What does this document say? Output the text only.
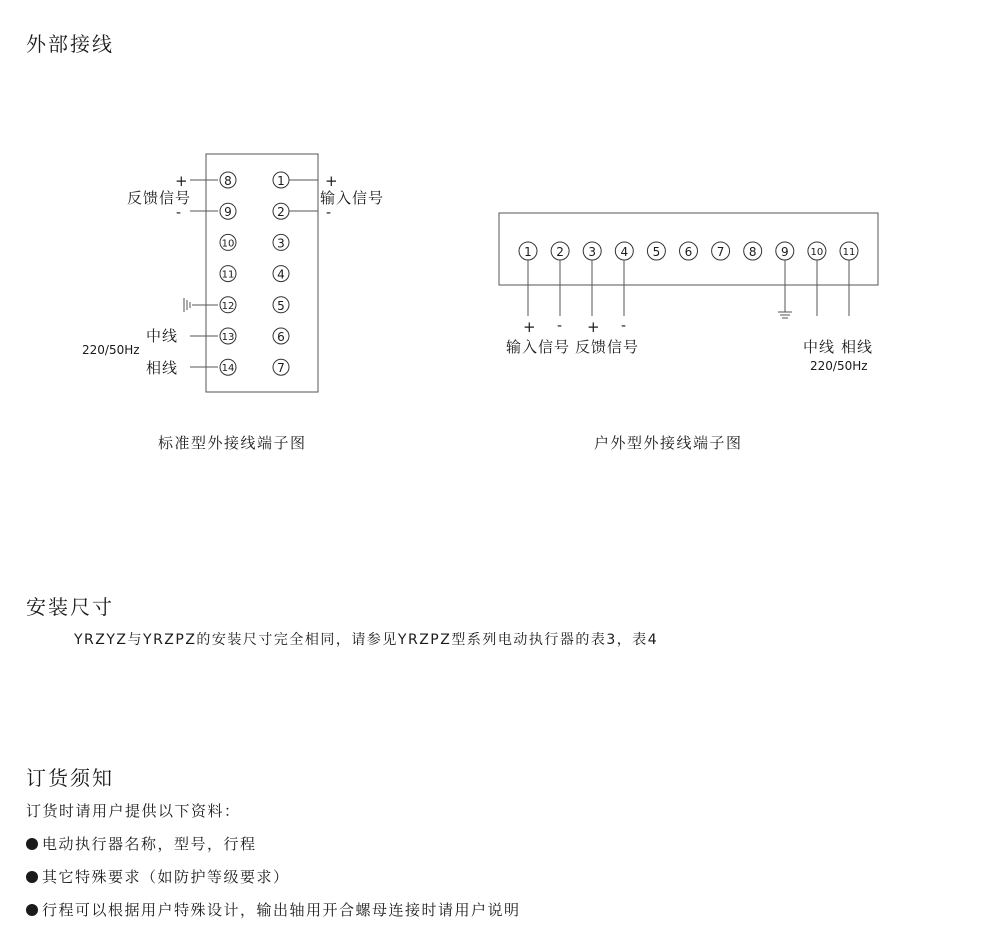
外部接线
8
9
10
11
12
13
14
1
2
3
4
5
6
7
+
反馈信号
-
+
输入信号
-
中线
220/50Hz
相线
1 2 3 4 5 6 7 8 9 10 11
+ - + -
输入信号 反馈信号	中线 相线
220/50Hz
标准型外接线端子图	户外型外接线端子图
安装尺寸
YRZYZ与YRZPZ的安装尺寸完全相同，请参见YRZPZ型系列电动执行器的表3，表4
订货须知
订货时请用户提供以下资料：
电动执行器名称，型号，行程
其它特殊要求（如防护等级要求）
行程可以根据用户特殊设计，输出轴用开合螺母连接时请用户说明
